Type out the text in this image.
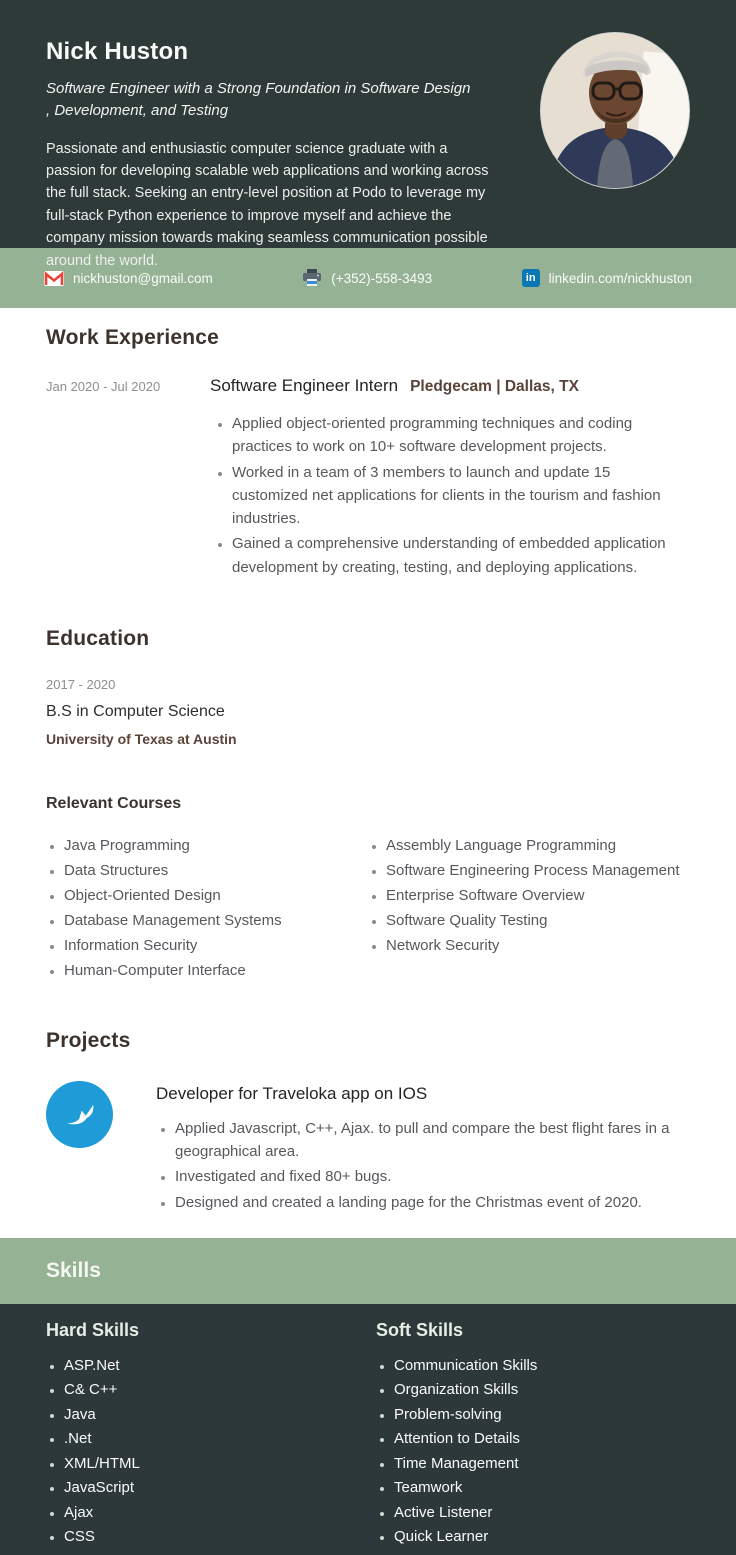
Nick Huston
Software Engineer with a Strong Foundation in Software Design , Development, and Testing
Passionate and enthusiastic computer science graduate with a passion for developing scalable web applications and working across the full stack. Seeking an entry-level position at Podo to leverage my full-stack Python experience to improve myself and achieve the company mission towards making seamless communication possible around the world.
nickhuston@gmail.com	(+352)-558-3493	in linkedin.com/nickhuston
Work Experience
Jan 2020 - Jul 2020	Software Engineer Intern Pledgecam | Dallas, TX
• Applied object-oriented programming techniques and coding practices to work on 10+ software development projects.
• Worked in a team of 3 members to launch and update 15 customized net applications for clients in the tourism and fashion industries.
• Gained a comprehensive understanding of embedded application development by creating, testing, and deploying applications.
Education
2017 - 2020
B.S in Computer Science
University of Texas at Austin
Relevant Courses
• Java Programming
• Data Structures
• Object-Oriented Design
• Database Management Systems
• Information Security
• Human-Computer Interface
• Assembly Language Programming
• Software Engineering Process Management
• Enterprise Software Overview
• Software Quality Testing
• Network Security
Projects
Developer for Traveloka app on IOS
• Applied Javascript, C++, Ajax. to pull and compare the best flight fares in a geographical area.
• Investigated and fixed 80+ bugs.
• Designed and created a landing page for the Christmas event of 2020.
Skills
Hard Skills
• ASP.Net
• C& C++
• Java
• .Net
• XML/HTML
• JavaScript
• Ajax
• CSS
Soft Skills
• Communication Skills
• Organization Skills
• Problem-solving
• Attention to Details
• Time Management
• Teamwork
• Active Listener
• Quick Learner
